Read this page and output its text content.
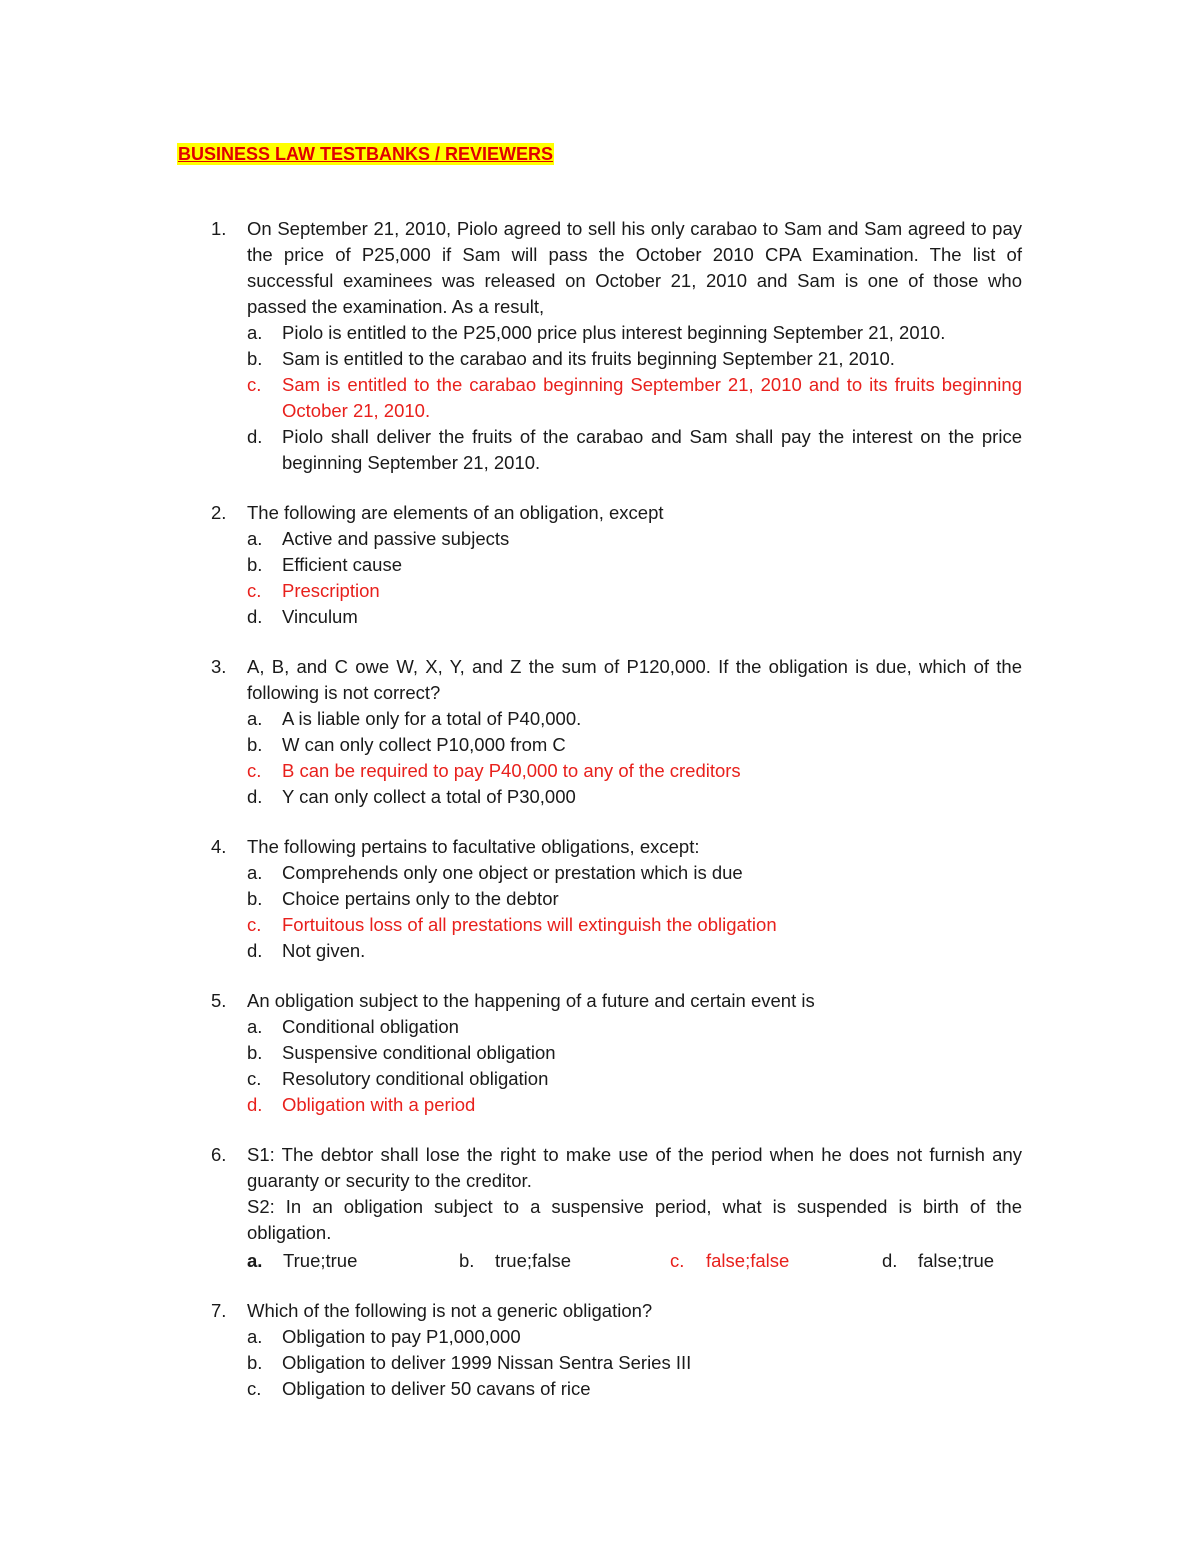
BUSINESS LAW TESTBANKS / REVIEWERS
1. On September 21, 2010, Piolo agreed to sell his only carabao to Sam and Sam agreed to pay the price of P25,000 if Sam will pass the October 2010 CPA Examination. The list of successful examinees was released on October 21, 2010 and Sam is one of those who passed the examination. As a result,
a. Piolo is entitled to the P25,000 price plus interest beginning September 21, 2010.
b. Sam is entitled to the carabao and its fruits beginning September 21, 2010.
c. Sam is entitled to the carabao beginning September 21, 2010 and to its fruits beginning October 21, 2010.
d. Piolo shall deliver the fruits of the carabao and Sam shall pay the interest on the price beginning September 21, 2010.
2. The following are elements of an obligation, except
a. Active and passive subjects
b. Efficient cause
c. Prescription
d. Vinculum
3. A, B, and C owe W, X, Y, and Z the sum of P120,000. If the obligation is due, which of the following is not correct?
a. A is liable only for a total of P40,000.
b. W can only collect P10,000 from C
c. B can be required to pay P40,000 to any of the creditors
d. Y can only collect a total of P30,000
4. The following pertains to facultative obligations, except:
a. Comprehends only one object or prestation which is due
b. Choice pertains only to the debtor
c. Fortuitous loss of all prestations will extinguish the obligation
d. Not given.
5. An obligation subject to the happening of a future and certain event is
a. Conditional obligation
b. Suspensive conditional obligation
c. Resolutory conditional obligation
d. Obligation with a period
6. S1: The debtor shall lose the right to make use of the period when he does not furnish any guaranty or security to the creditor.
S2: In an obligation subject to a suspensive period, what is suspended is birth of the obligation.
a. True;true	b. true;false	c. false;false	d. false;true
7. Which of the following is not a generic obligation?
a. Obligation to pay P1,000,000
b. Obligation to deliver 1999 Nissan Sentra Series III
c. Obligation to deliver 50 cavans of rice
